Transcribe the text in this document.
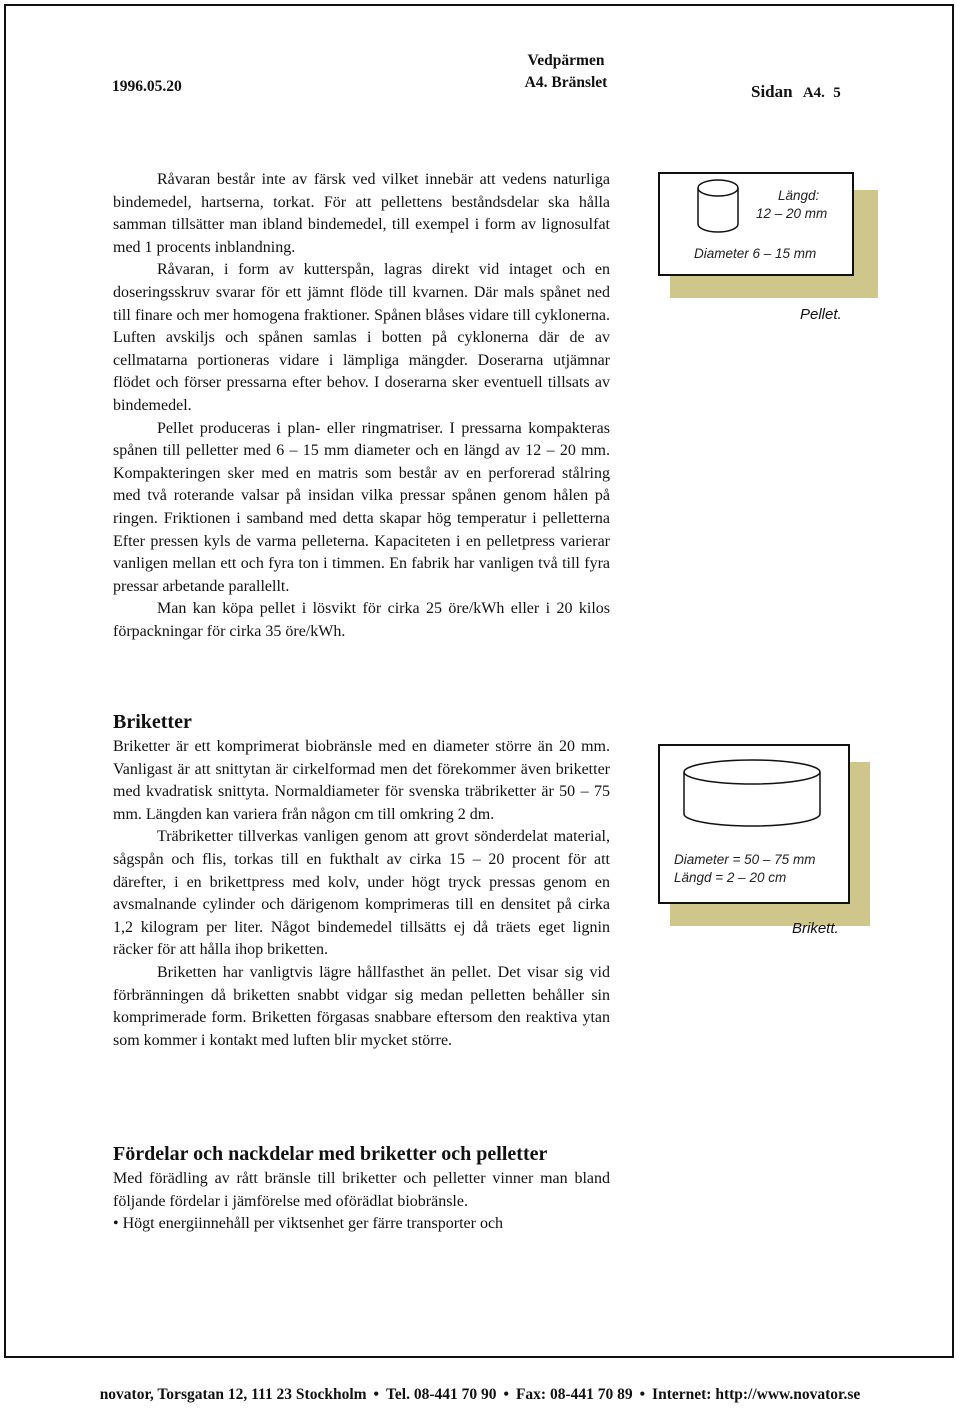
1996.05.20
Vedpärmen
A4. Bränslet	Sidan A4. 5

Råvaran består inte av färsk ved vilket innebär att vedens naturliga bindemedel, hartserna, torkat. För att pellettens beståndsdelar ska hålla samman tillsätter man ibland bindemedel, till exempel i form av lignosulfat med 1 procents inblandning.

Råvaran, i form av kutterspån, lagras direkt vid intaget och en doseringsskruv svarar för ett jämnt flöde till kvarnen. Där mals spånet ned till finare och mer homogena fraktioner. Spånen blåses vidare till cyklonerna. Luften avskiljs och spånen samlas i botten på cyklonerna där de av cellmatarna portioneras vidare i lämpliga mängder. Doserarna utjämnar flödet och förser pressarna efter behov. I doserarna sker eventuell tillsats av bindemedel.

Pellet produceras i plan- eller ringmatriser. I pressarna kompakteras spånen till pelletter med 6 – 15 mm diameter och en längd av 12 – 20 mm. Kompakteringen sker med en matris som består av en perforerad stålring med två roterande valsar på insidan vilka pressar spånen genom hålen på ringen. Friktionen i samband med detta skapar hög temperatur i pelletterna Efter pressen kyls de varma pelleterna. Kapaciteten i en pelletpress varierar vanligen mellan ett och fyra ton i timmen. En fabrik har vanligen två till fyra pressar arbetande parallellt.

Man kan köpa pellet i lösvikt för cirka 25 öre/kWh eller i 20 kilos förpackningar för cirka 35 öre/kWh.

Längd:
12 – 20 mm
Diameter 6 – 15 mm
Pellet.
Briketter

Briketter är ett komprimerat biobränsle med en diameter större än 20 mm. Vanligast är att snittytan är cirkelformad men det förekommer även briketter med kvadratisk snittyta. Normaldiameter för svenska träbriketter är 50 – 75 mm. Längden kan variera från någon cm till omkring 2 dm.

Träbriketter tillverkas vanligen genom att grovt sönderdelat material, sågspån och flis, torkas till en fukthalt av cirka 15 – 20 procent för att därefter, i en brikettpress med kolv, under högt tryck pressas genom en avsmalnande cylinder och därigenom komprimeras till en densitet på cirka 1,2 kilogram per liter. Något bindemedel tillsätts ej då träets eget lignin räcker för att hålla ihop briketten.

Briketten har vanligtvis lägre hållfasthet än pellet. Det visar sig vid förbränningen då briketten snabbt vidgar sig medan pelletten behåller sin komprimerade form. Briketten förgasas snabbare eftersom den reaktiva ytan som kommer i kontakt med luften blir mycket större.

Diameter = 50 – 75 mm
Längd = 2 – 20 cm
Brikett.
Fördelar och nackdelar med briketter och pelletter

Med förädling av rått bränsle till briketter och pelletter vinner man bland följande fördelar i jämförelse med oförädlat biobränsle.

• Högt energiinnehåll per viktsenhet ger färre transporter och

novator, Torsgatan 12, 111 23 Stockholm • Tel. 08-441 70 90 • Fax: 08-441 70 89 • Internet: http://www.novator.se
